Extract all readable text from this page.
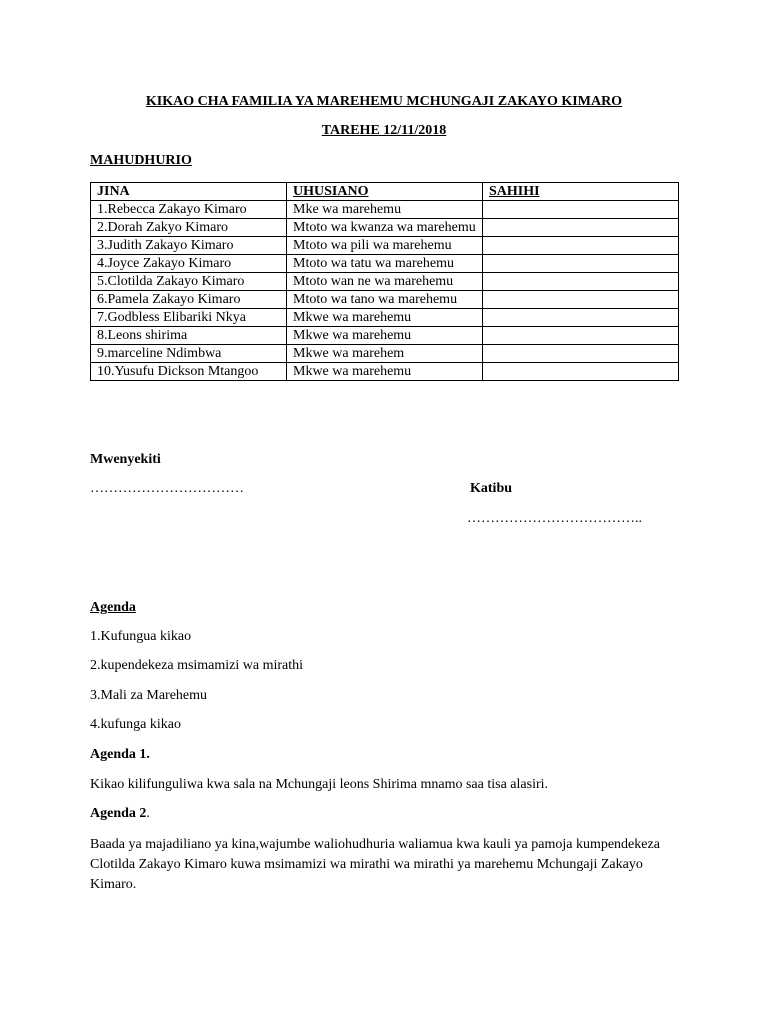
KIKAO CHA FAMILIA YA MAREHEMU MCHUNGAJI ZAKAYO KIMARO
TAREHE 12/11/2018
MAHUDHURIO
JINA	UHUSIANO	SAHIHI
1.Rebecca Zakayo Kimaro	Mke wa marehemu	
2.Dorah Zakyo Kimaro	Mtoto wa kwanza wa marehemu	
3.Judith Zakayo Kimaro	Mtoto wa pili wa marehemu	
4.Joyce Zakayo Kimaro	Mtoto wa tatu wa marehemu	
5.Clotilda Zakayo Kimaro	Mtoto wan ne wa marehemu	
6.Pamela Zakayo Kimaro	Mtoto wa tano wa marehemu	
7.Godbless Elibariki Nkya	Mkwe wa marehemu	
8.Leons shirima	Mkwe wa marehemu	
9.marceline Ndimbwa	Mkwe wa marehem	
10.Yusufu Dickson Mtangoo	Mkwe wa marehemu	
Mwenyekiti
……………………………	Katibu
………………………………..
Agenda
1.Kufungua kikao
2.kupendekeza msimamizi wa mirathi
3.Mali za Marehemu
4.kufunga kikao
Agenda 1.
Kikao kilifunguliwa kwa sala na Mchungaji leons Shirima mnamo saa tisa alasiri.
Agenda 2.
Baada ya majadiliano ya kina,wajumbe waliohudhuria waliamua kwa kauli ya pamoja kumpendekeza Clotilda Zakayo Kimaro kuwa msimamizi wa mirathi wa mirathi ya marehemu Mchungaji Zakayo Kimaro.
